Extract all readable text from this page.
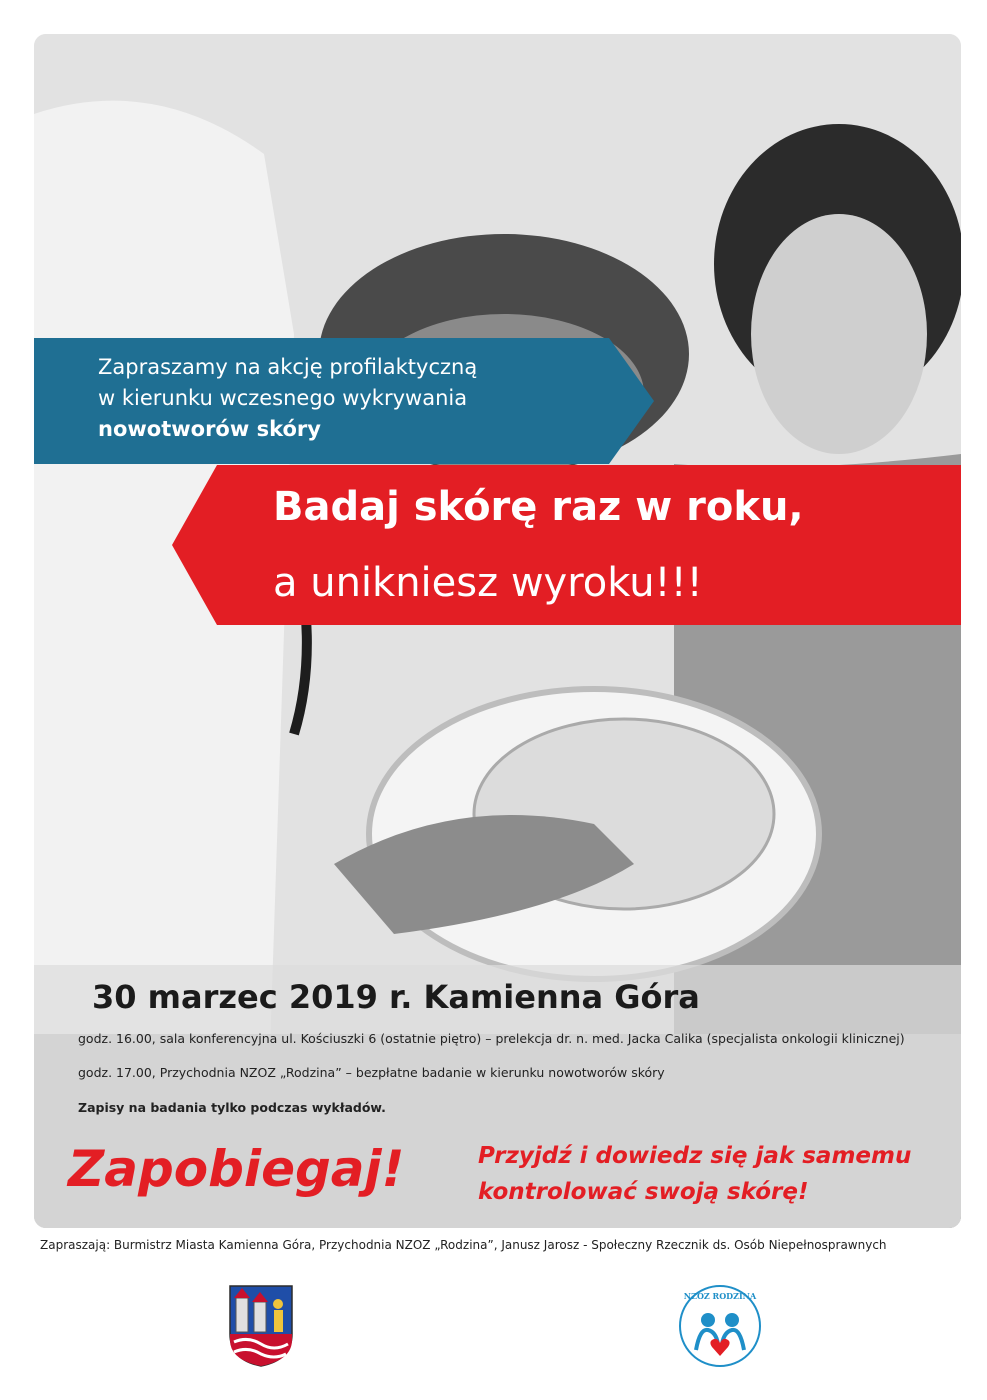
Zapraszamy na akcję profilaktyczną
w kierunku wczesnego wykrywania
nowotworów skóry
Badaj skórę raz w roku,
a unikniesz wyroku!!!
30 marzec 2019 r. Kamienna Góra
godz. 16.00, sala konferencyjna ul. Kościuszki 6 (ostatnie piętro) – prelekcja dr. n. med. Jacka Calika (specjalista onkologii klinicznej)
godz. 17.00, Przychodnia NZOZ „Rodzina” – bezpłatne badanie w kierunku nowotworów skóry
Zapisy na badania tylko podczas wykładów.
Zapobiegaj!	Przyjdź i dowiedz się jak samemu
kontrolować swoją skórę!
Zapraszają: Burmistrz Miasta Kamienna Góra, Przychodnia NZOZ „Rodzina”, Janusz Jarosz - Społeczny Rzecznik ds. Osób Niepełnosprawnych
NZOZ RODZINA
